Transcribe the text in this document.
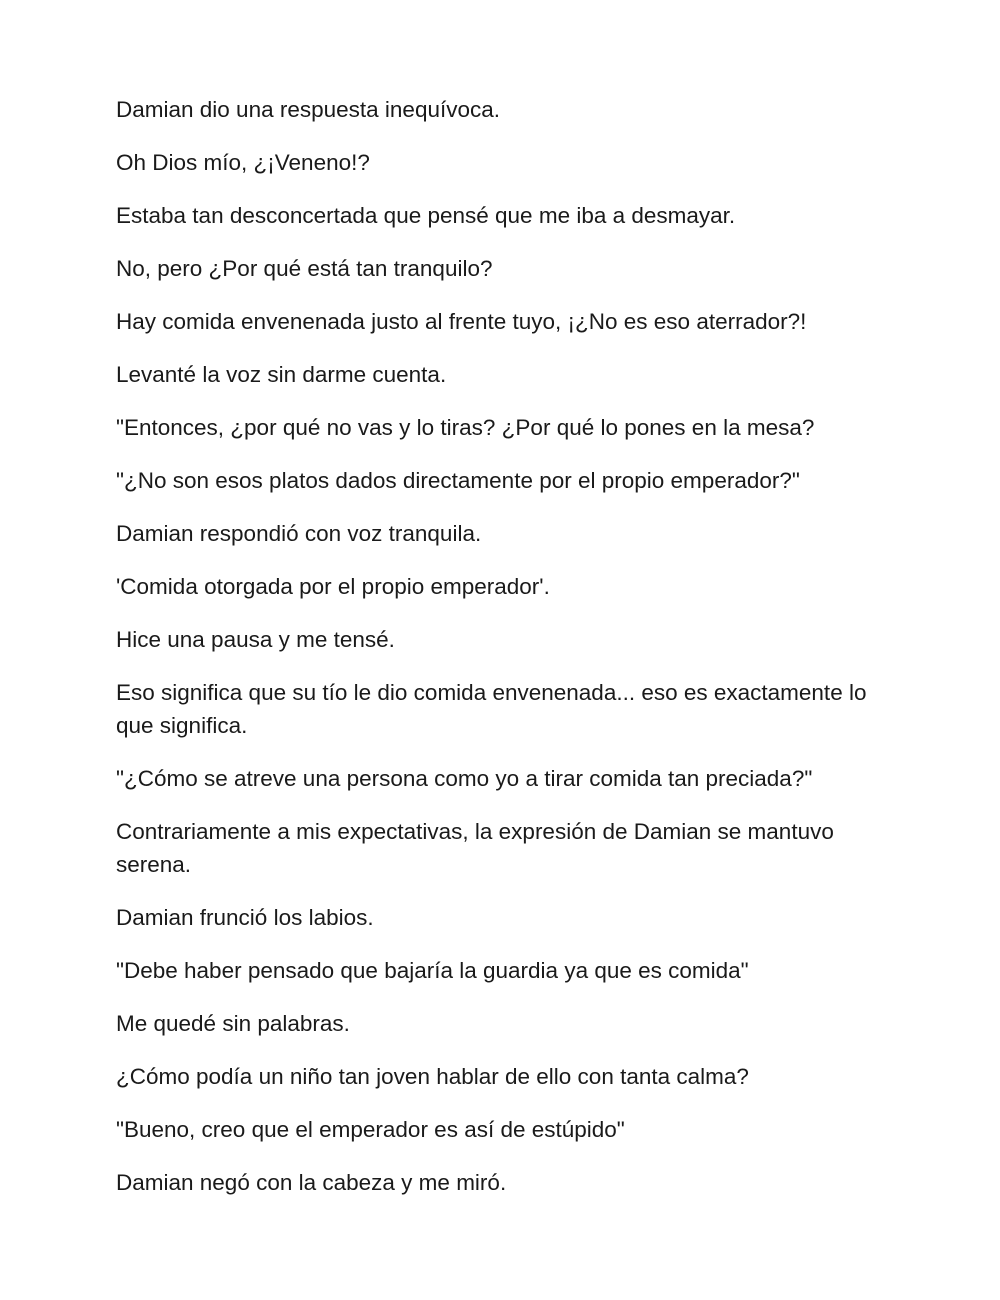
Damian dio una respuesta inequívoca.

Oh Dios mío, ¿¡Veneno!?

Estaba tan desconcertada que pensé que me iba a desmayar.

No, pero ¿Por qué está tan tranquilo?

Hay comida envenenada justo al frente tuyo, ¡¿No es eso aterrador?!

Levanté la voz sin darme cuenta.

"Entonces, ¿por qué no vas y lo tiras? ¿Por qué lo pones en la mesa?

"¿No son esos platos dados directamente por el propio emperador?"

Damian respondió con voz tranquila.

'Comida otorgada por el propio emperador'.

Hice una pausa y me tensé.

Eso significa que su tío le dio comida envenenada... eso es exactamente lo que significa.

"¿Cómo se atreve una persona como yo a tirar comida tan preciada?"

Contrariamente a mis expectativas, la expresión de Damian se mantuvo serena.

Damian frunció los labios.

"Debe haber pensado que bajaría la guardia ya que es comida"

Me quedé sin palabras.

¿Cómo podía un niño tan joven hablar de ello con tanta calma?

"Bueno, creo que el emperador es así de estúpido"

Damian negó con la cabeza y me miró.
